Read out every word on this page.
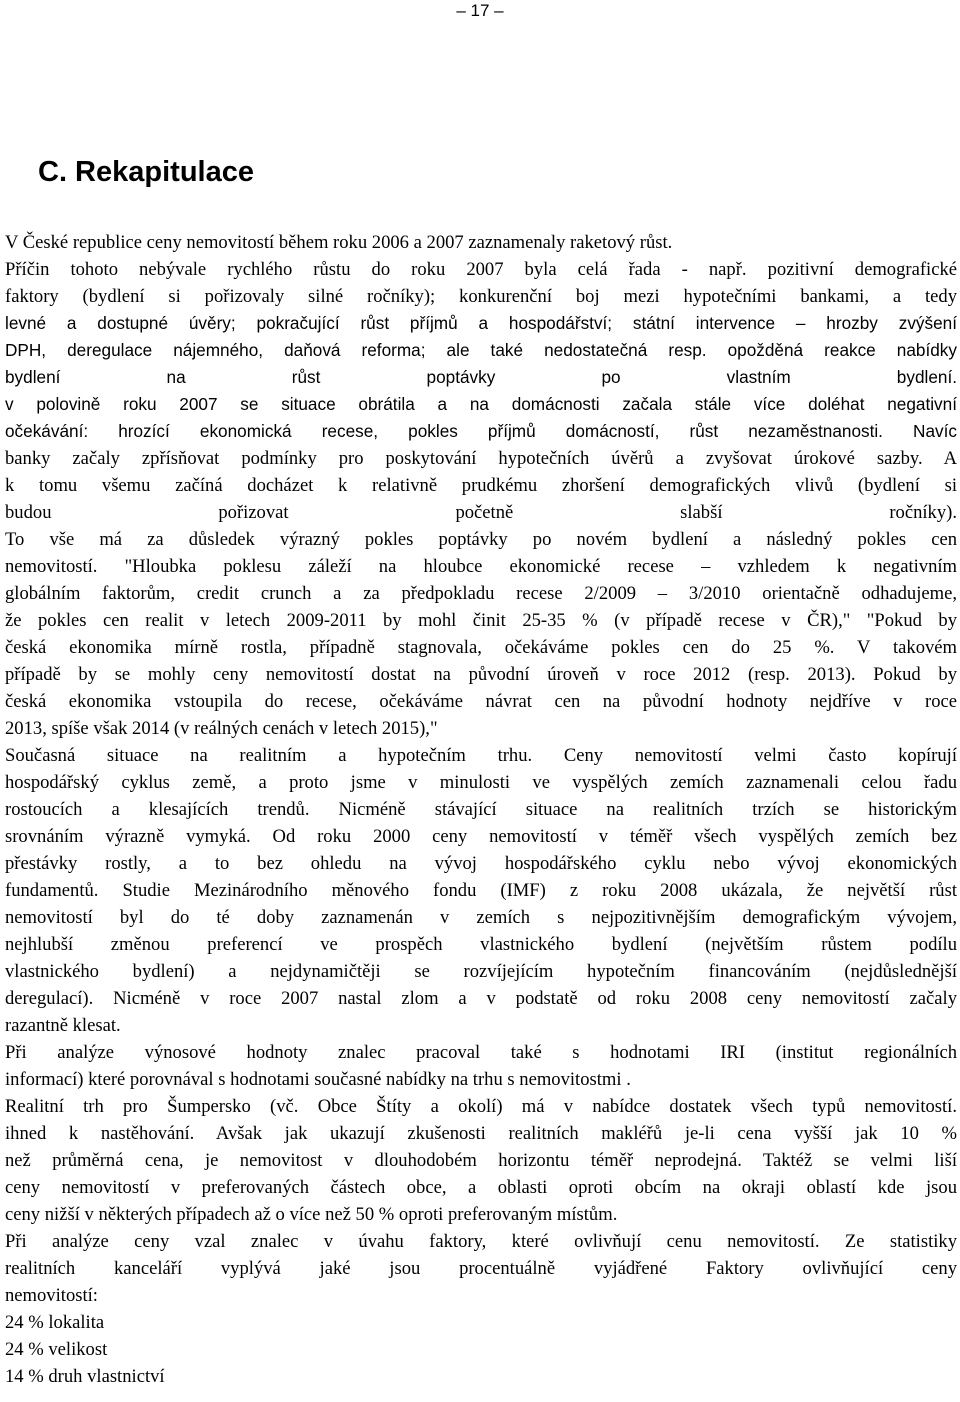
– 17 –
C. Rekapitulace
V České republice ceny nemovitostí během roku 2006 a 2007 zaznamenaly raketový růst.
Příčin tohoto nebývale rychlého růstu do roku 2007 byla celá řada - např. pozitivní demografické
faktory (bydlení si pořizovaly silné ročníky); konkurenční boj mezi hypotečními bankami, a tedy
levné a dostupné úvěry; pokračující růst příjmů a hospodářství; státní intervence – hrozby zvýšení
DPH, deregulace nájemného, daňová reforma; ale také nedostatečná resp. opožděná reakce nabídky
bydlení na růst poptávky po vlastním bydlení.
v polovině roku 2007 se situace obrátila a na domácnosti začala stále více doléhat negativní
očekávání: hrozící ekonomická recese, pokles příjmů domácností, růst nezaměstnanosti. Navíc
banky začaly zpřísňovat podmínky pro poskytování hypotečních úvěrů a zvyšovat úrokové sazby. A
k tomu všemu začíná docházet k relativně prudkému zhoršení demografických vlivů (bydlení si
budou pořizovat početně slabší ročníky).
To vše má za důsledek výrazný pokles poptávky po novém bydlení a následný pokles cen
nemovitostí. "Hloubka poklesu záleží na hloubce ekonomické recese – vzhledem k negativním
globálním faktorům, credit crunch a za předpokladu recese 2/2009 – 3/2010 orientačně odhadujeme,
že pokles cen realit v letech 2009-2011 by mohl činit 25-35 % (v případě recese v ČR)," "Pokud by
česká ekonomika mírně rostla, případně stagnovala, očekáváme pokles cen do 25 %. V takovém
případě by se mohly ceny nemovitostí dostat na původní úroveň v roce 2012 (resp. 2013). Pokud by
česká ekonomika vstoupila do recese, očekáváme návrat cen na původní hodnoty nejdříve v roce
2013, spíše však 2014 (v reálných cenách v letech 2015),"
Současná situace na realitním a hypotečním trhu. Ceny nemovitostí velmi často kopírují
hospodářský cyklus země, a proto jsme v minulosti ve vyspělých zemích zaznamenali celou řadu
rostoucích a klesajících trendů. Nicméně stávající situace na realitních trzích se historickým
srovnáním výrazně vymyká. Od roku 2000 ceny nemovitostí v téměř všech vyspělých zemích bez
přestávky rostly, a to bez ohledu na vývoj hospodářského cyklu nebo vývoj ekonomických
fundamentů. Studie Mezinárodního měnového fondu (IMF) z roku 2008 ukázala, že největší růst
nemovitostí byl do té doby zaznamenán v zemích s nejpozitivnějším demografickým vývojem,
nejhlubší změnou preferencí ve prospěch vlastnického bydlení (největším růstem podílu
vlastnického bydlení) a nejdynamičtěji se rozvíjejícím hypotečním financováním (nejdůslednější
deregulací). Nicméně v roce 2007 nastal zlom a v podstatě od roku 2008 ceny nemovitostí začaly
razantně klesat.
Při analýze výnosové hodnoty znalec pracoval také s hodnotami IRI (institut regionálních
informací) které porovnával s hodnotami současné nabídky na trhu s nemovitostmi .
Realitní trh pro Šumpersko (vč. Obce Štíty a okolí) má v nabídce dostatek všech typů nemovitostí.
ihned k nastěhování. Avšak jak ukazují zkušenosti realitních makléřů je-li cena vyšší jak 10 %
než průměrná cena, je nemovitost v dlouhodobém horizontu téměř neprodejná. Taktéž se velmi liší
ceny nemovitostí v preferovaných částech obce, a oblasti oproti obcím na okraji oblastí kde jsou
ceny nižší v některých případech až o více než 50 % oproti preferovaným místům.
Při analýze ceny vzal znalec v úvahu faktory, které ovlivňují cenu nemovitostí. Ze statistiky
realitních kanceláří vyplývá jaké jsou procentuálně vyjádřené Faktory ovlivňující ceny
nemovitostí:
24 % lokalita
24 % velikost
14 % druh vlastnictví
